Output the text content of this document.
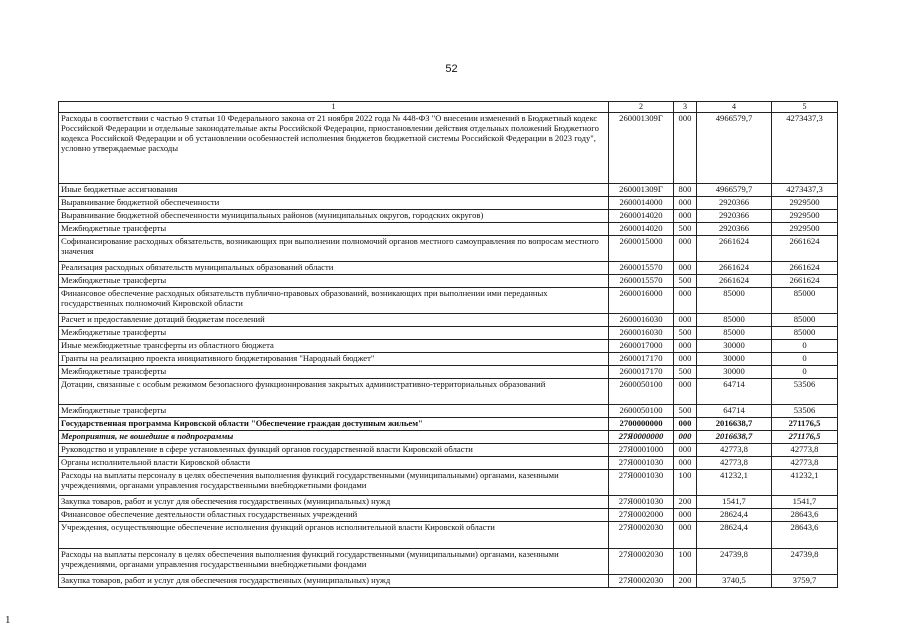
52
1	2	3	4	5
Расходы в соответствии с частью 9 статьи 10 Федерального закона от 21 ноября 2022 года № 448-ФЗ "О внесении изменений в Бюджетный кодекс Российской Федерации и отдельные законодательные акты Российской Федерации, приостановлении действия отдельных положений Бюджетного кодекса Российской Федерации и об установлении особенностей исполнения бюджетов бюджетной системы Российской Федерации в 2023 году", условно утверждаемые расходы	260001309Г	000	4966579,7	4273437,3
Иные бюджетные ассигнования	260001309Г	800	4966579,7	4273437,3
Выравнивание бюджетной обеспеченности	2600014000	000	2920366	2929500
Выравнивание бюджетной обеспеченности муниципальных районов (муниципальных округов, городских округов)	2600014020	000	2920366	2929500
Межбюджетные трансферты	2600014020	500	2920366	2929500
Софинансирование расходных обязательств, возникающих при выполнении полномочий органов местного самоуправления по вопросам местного значения	2600015000	000	2661624	2661624
Реализация расходных обязательств муниципальных образований области	2600015570	000	2661624	2661624
Межбюджетные трансферты	2600015570	500	2661624	2661624
Финансовое обеспечение расходных обязательств публично-правовых образований, возникающих при выполнении ими переданных государственных полномочий Кировской области	2600016000	000	85000	85000
Расчет и предоставление дотаций бюджетам поселений	2600016030	000	85000	85000
Межбюджетные трансферты	2600016030	500	85000	85000
Иные межбюджетные трансферты из областного бюджета	2600017000	000	30000	0
Гранты на реализацию проекта инициативного бюджетирования "Народный бюджет"	2600017170	000	30000	0
Межбюджетные трансферты	2600017170	500	30000	0
Дотации, связанные с особым режимом безопасного функционирования закрытых административно-территориальных образований	2600050100	000	64714	53506
Межбюджетные трансферты	2600050100	500	64714	53506
Государственная программа Кировской области "Обеспечение граждан доступным жильем"	2700000000	000	2016638,7	271176,5
Мероприятия, не вошедшие в подпрограммы	27Я0000000	000	2016638,7	271176,5
Руководство и управление в сфере установленных функций органов государственной власти Кировской области	27Я0001000	000	42773,8	42773,8
Органы исполнительной власти Кировской области	27Я0001030	000	42773,8	42773,8
Расходы на выплаты персоналу в целях обеспечения выполнения функций государственными (муниципальными) органами, казенными учреждениями, органами управления государственными внебюджетными фондами	27Я0001030	100	41232,1	41232,1
Закупка товаров, работ и услуг для обеспечения государственных (муниципальных) нужд	27Я0001030	200	1541,7	1541,7
Финансовое обеспечение деятельности областных государственных учреждений	27Я0002000	000	28624,4	28643,6
Учреждения, осуществляющие обеспечение исполнения функций органов исполнительной власти Кировской области	27Я0002030	000	28624,4	28643,6
Расходы на выплаты персоналу в целях обеспечения выполнения функций государственными (муниципальными) органами, казенными учреждениями, органами управления государственными внебюджетными фондами	27Я0002030	100	24739,8	24739,8
Закупка товаров, работ и услуг для обеспечения государственных (муниципальных) нужд	27Я0002030	200	3740,5	3759,7
1
